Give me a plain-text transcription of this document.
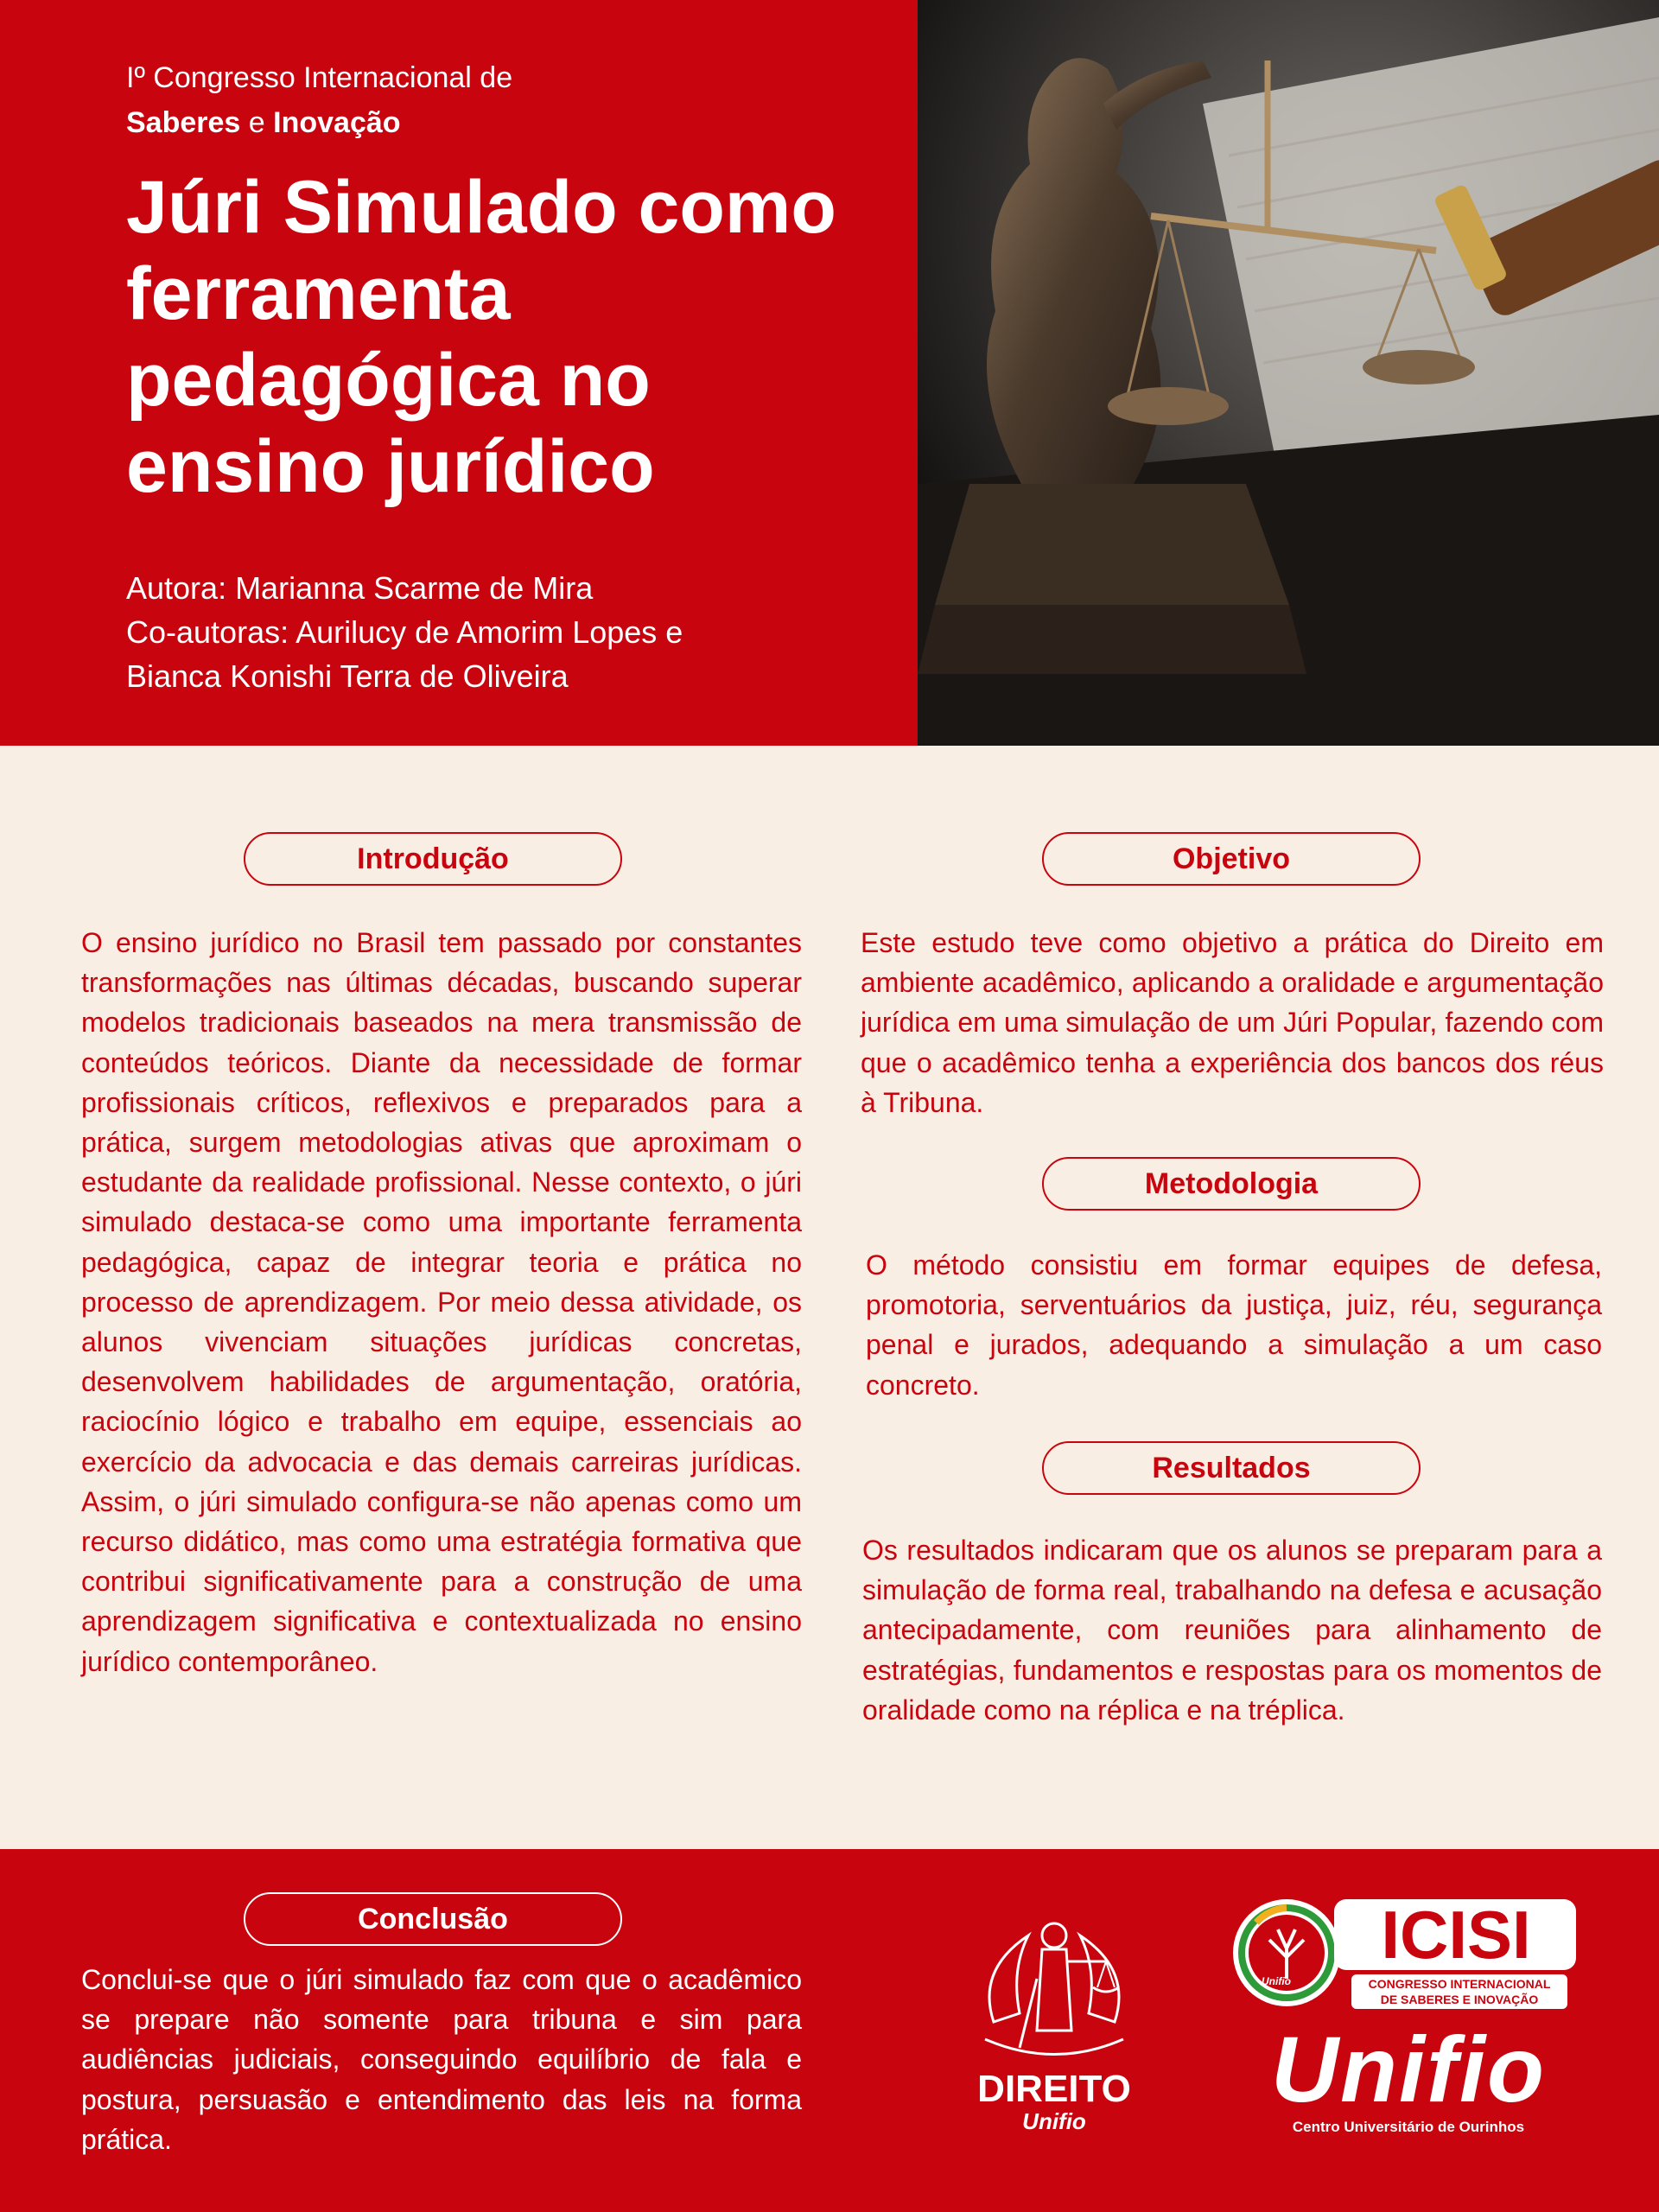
Iº Congresso Internacional de
Saberes e Inovação
Júri Simulado como ferramenta pedagógica no ensino jurídico
Autora: Marianna Scarme de Mira
Co-autoras: Aurilucy de Amorim Lopes e
Bianca Konishi Terra de Oliveira
Introdução

O ensino jurídico no Brasil tem passado por constantes transformações nas últimas décadas, buscando superar modelos tradicionais baseados na mera transmissão de conteúdos teóricos. Diante da necessidade de formar profissionais críticos, reflexivos e preparados para a prática, surgem metodologias ativas que aproximam o estudante da realidade profissional. Nesse contexto, o júri simulado destaca-se como uma importante ferramenta pedagógica, capaz de integrar teoria e prática no processo de aprendizagem. Por meio dessa atividade, os alunos vivenciam situações jurídicas concretas, desenvolvem habilidades de argumentação, oratória, raciocínio lógico e trabalho em equipe, essenciais ao exercício da advocacia e das demais carreiras jurídicas. Assim, o júri simulado configura-se não apenas como um recurso didático, mas como uma estratégia formativa que contribui significativamente para a construção de uma aprendizagem significativa e contextualizada no ensino jurídico contemporâneo.

Objetivo

Este estudo teve como objetivo a prática do Direito em ambiente acadêmico, aplicando a oralidade e argumentação jurídica em uma simulação de um Júri Popular, fazendo com que o acadêmico tenha a experiência dos bancos dos réus à Tribuna.

Metodologia

O método consistiu em formar equipes de defesa, promotoria, serventuários da justiça, juiz, réu, segurança penal e jurados, adequando a simulação a um caso concreto.

Resultados

Os resultados indicaram que os alunos se preparam para a simulação de forma real, trabalhando na defesa e acusação antecipadamente, com reuniões para alinhamento de estratégias, fundamentos e respostas para os momentos de oralidade como na réplica e na tréplica.

Conclusão

Conclui-se que o júri simulado faz com que o acadêmico se prepare não somente para tribuna e sim para audiências judiciais, conseguindo equilíbrio de fala e postura, persuasão e entendimento das leis na forma prática.

DIREITO
Unifio
Unifio
ICISI
CONGRESSO INTERNACIONAL
DE SABERES E INOVAÇÃO
Unifio
Centro Universitário de Ourinhos
